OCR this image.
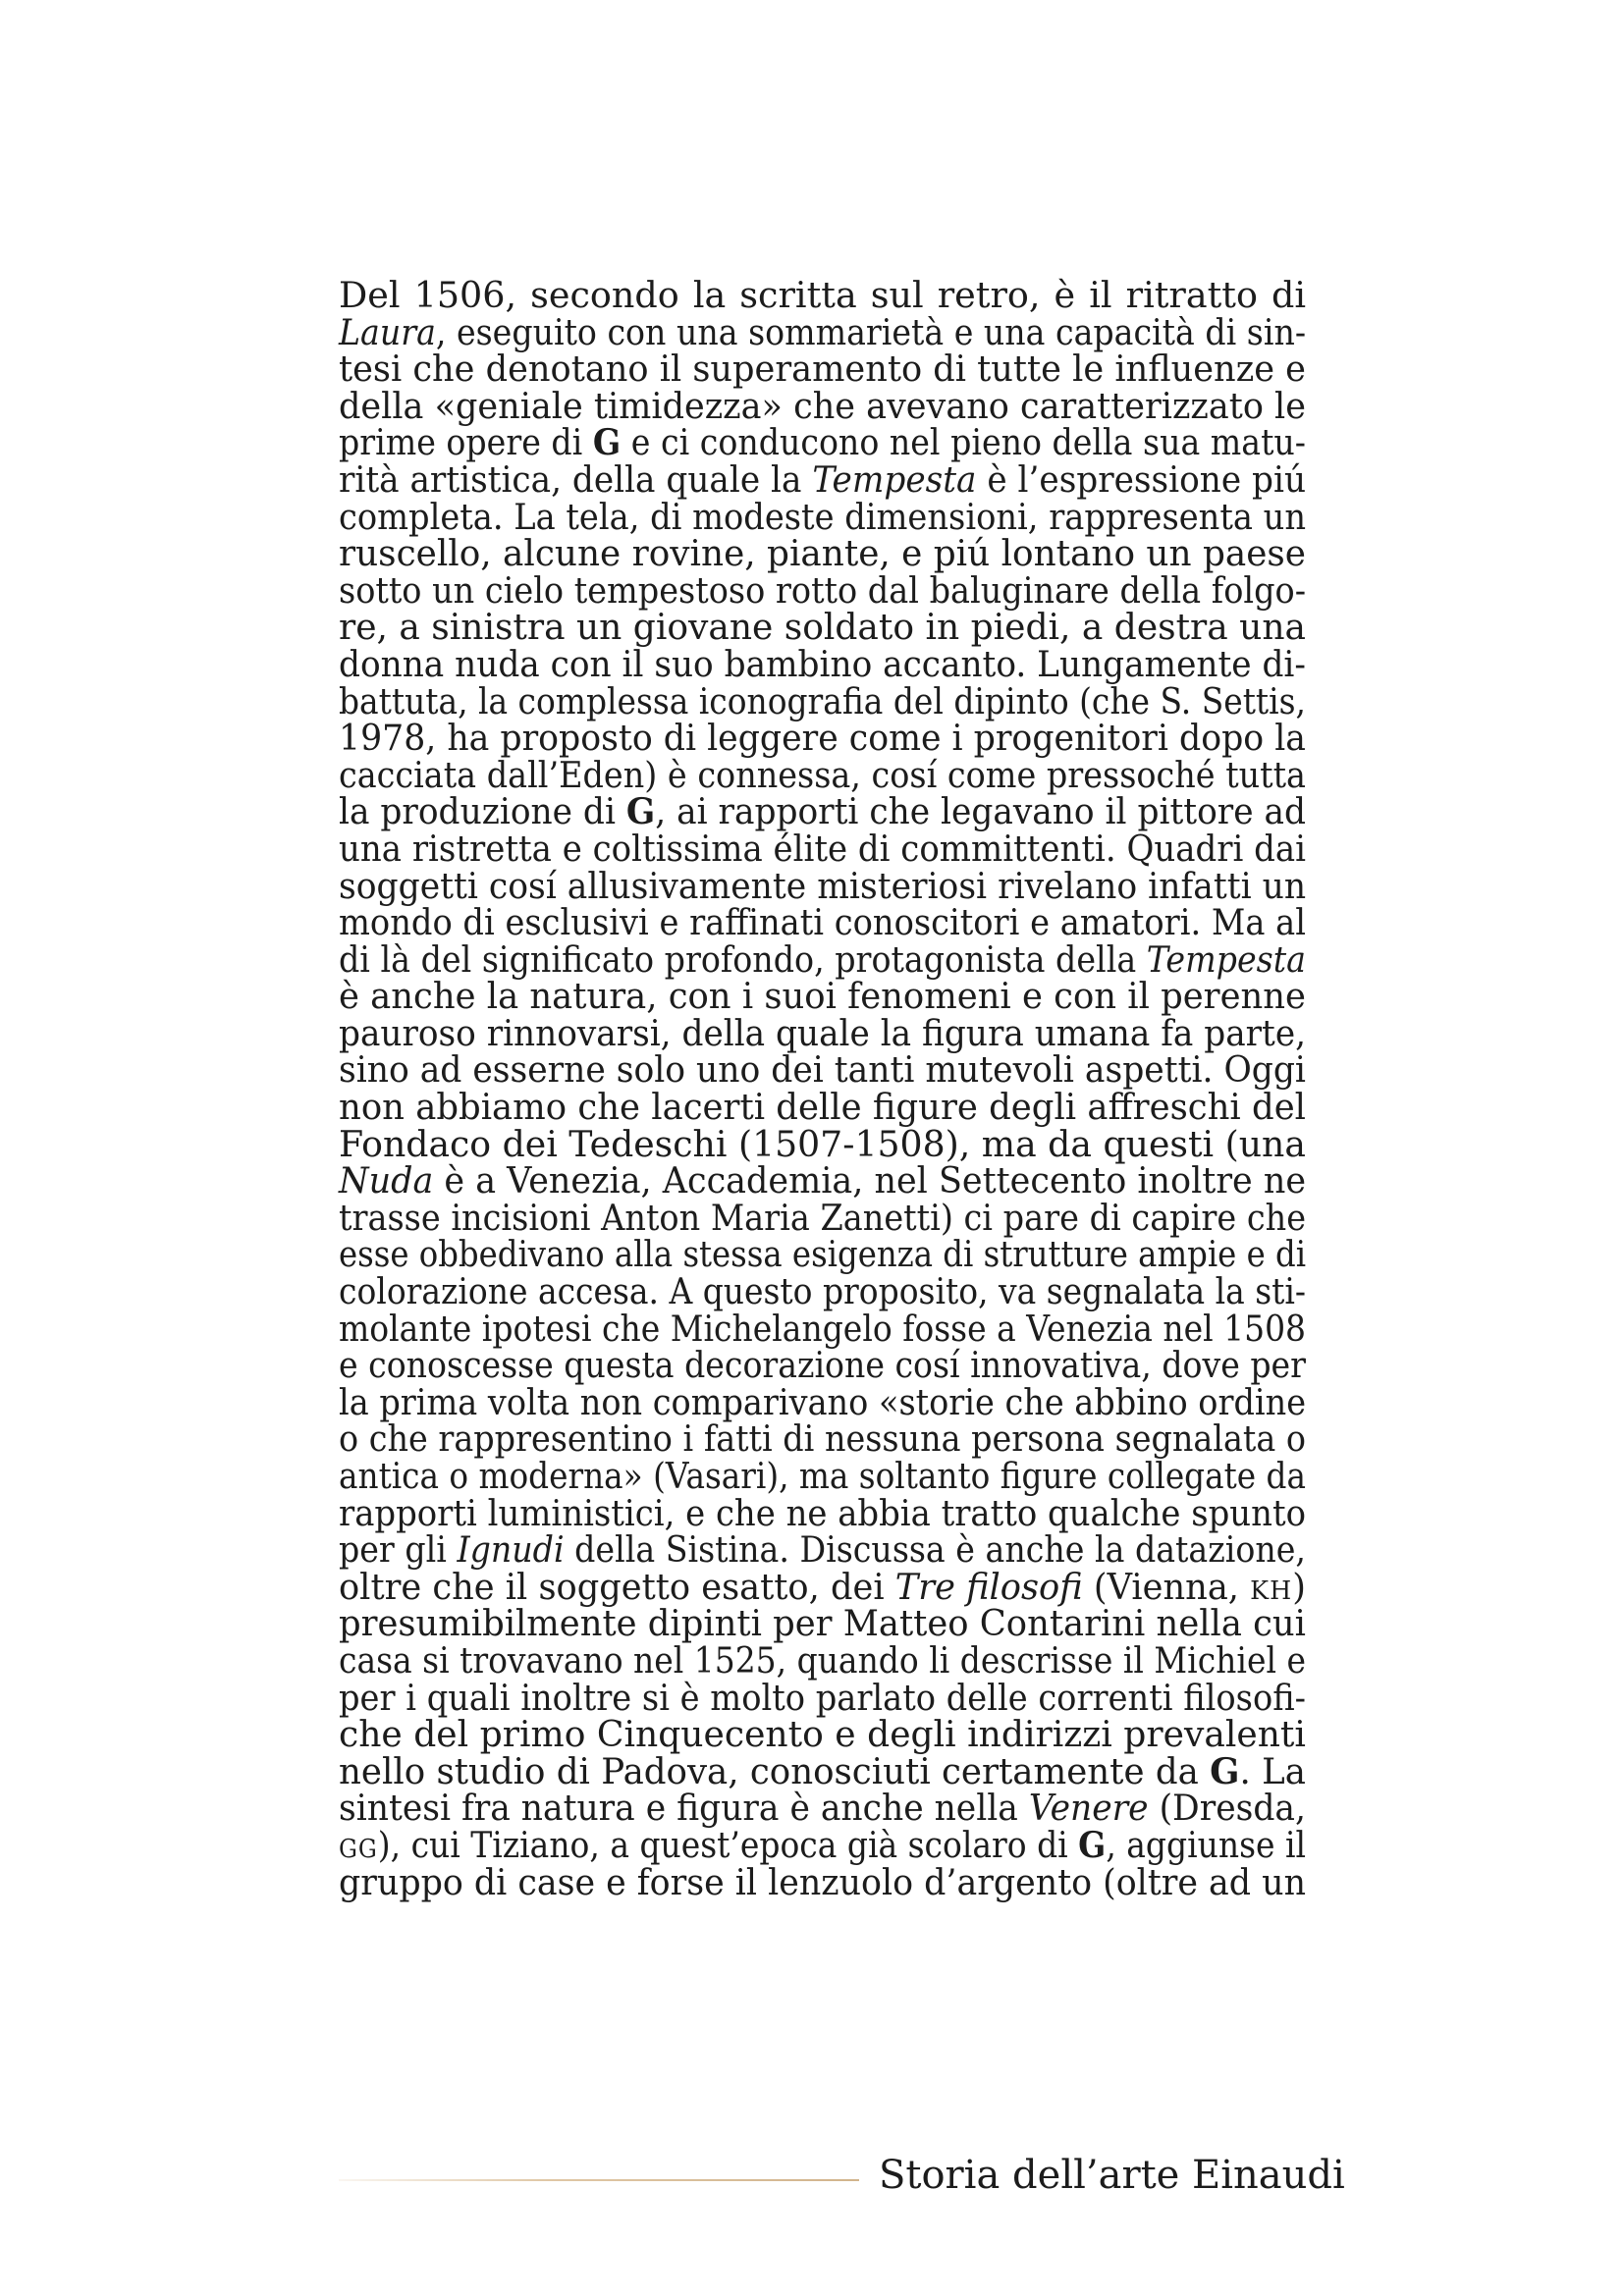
Del 1506, secondo la scritta sul retro, è il ritratto di
Laura, eseguito con una sommarietà e una capacità di sin-
tesi che denotano il superamento di tutte le influenze e
della «geniale timidezza» che avevano caratterizzato le
prime opere di G e ci conducono nel pieno della sua matu-
rità artistica, della quale la Tempesta è l’espressione piú
completa. La tela, di modeste dimensioni, rappresenta un
ruscello, alcune rovine, piante, e piú lontano un paese
sotto un cielo tempestoso rotto dal baluginare della folgo-
re, a sinistra un giovane soldato in piedi, a destra una
donna nuda con il suo bambino accanto. Lungamente di-
battuta, la complessa iconografia del dipinto (che S. Settis,
1978, ha proposto di leggere come i progenitori dopo la
cacciata dall’Eden) è connessa, cosí come pressoché tutta
la produzione di G, ai rapporti che legavano il pittore ad
una ristretta e coltissima élite di committenti. Quadri dai
soggetti cosí allusivamente misteriosi rivelano infatti un
mondo di esclusivi e raffinati conoscitori e amatori. Ma al
di là del significato profondo, protagonista della Tempesta
è anche la natura, con i suoi fenomeni e con il perenne
pauroso rinnovarsi, della quale la figura umana fa parte,
sino ad esserne solo uno dei tanti mutevoli aspetti. Oggi
non abbiamo che lacerti delle figure degli affreschi del
Fondaco dei Tedeschi (1507-1508), ma da questi (una
Nuda è a Venezia, Accademia, nel Settecento inoltre ne
trasse incisioni Anton Maria Zanetti) ci pare di capire che
esse obbedivano alla stessa esigenza di strutture ampie e di
colorazione accesa. A questo proposito, va segnalata la sti-
molante ipotesi che Michelangelo fosse a Venezia nel 1508
e conoscesse questa decorazione cosí innovativa, dove per
la prima volta non comparivano «storie che abbino ordine
o che rappresentino i fatti di nessuna persona segnalata o
antica o moderna» (Vasari), ma soltanto figure collegate da
rapporti luministici, e che ne abbia tratto qualche spunto
per gli Ignudi della Sistina. Discussa è anche la datazione,
oltre che il soggetto esatto, dei Tre filosofi (Vienna, KH)
presumibilmente dipinti per Matteo Contarini nella cui
casa si trovavano nel 1525, quando li descrisse il Michiel e
per i quali inoltre si è molto parlato delle correnti filosofi-
che del primo Cinquecento e degli indirizzi prevalenti
nello studio di Padova, conosciuti certamente da G. La
sintesi fra natura e figura è anche nella Venere (Dresda,
GG), cui Tiziano, a quest’epoca già scolaro di G, aggiunse il
gruppo di case e forse il lenzuolo d’argento (oltre ad un
Storia dell’arte Einaudi
